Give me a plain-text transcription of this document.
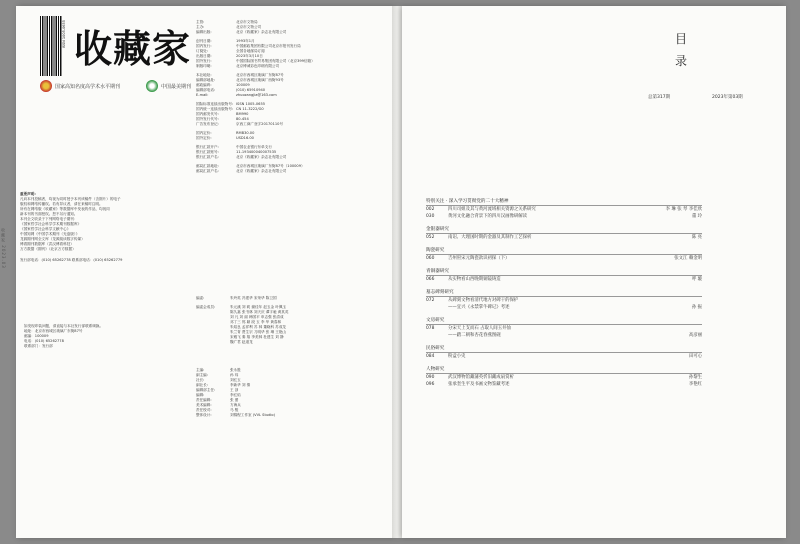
ISSN 1005-0655 收藏家
国家高知名度高学术水平期刊	中国最美期刊
收藏家 2023.03
主管:	北京市文物局
主办:	北京市文物公司
编辑出版:	北京《收藏家》杂志社有限公司
创刊日期:	1993年1月
国内发行:	中国邮政集团有限公司北京市报刊发行局
订阅处:	全国各地邮局订阅
出版日期:	2023年3月10日
国外发行:	中国国际图书贸易集团有限公司（北京399信箱）
制版印刷:	北京博诚彩色印刷有限公司
本社地址:	北京市西城区琉璃厂东街87号
编辑部地址:	北京市西城区琉璃厂西街93号
邮政编码:	100009
编辑部电话:	(010) 65910940
E-mail:	zhuozangjia@163.com
国际标准连续出版物号: ISSN 1005-0655
国内统一连续出版物号: CN 11-3222/G0
国内邮发代号:	BM990
国外发行代号:	80-454
广告发布登记:	京西工商广登字20170110号
国内定价:	RMB30.00
国外定价:	USD16.00
银行汇款开户:	中国农业银行东单支行
银行汇款账号:	11-193400040007535
银行汇款户名:	北京《收藏家》杂志社有限公司
邮局汇款地址:	北京市西城区琉璃厂东街87号（100009）
邮局汇款户名:	北京《收藏家》杂志社有限公司
重要声明:
凡向本刊投稿者，均视为同时授予本刊该稿件（含图片）的电子
版权和网络传播权。若有异议者，请在来稿时注明。
所有在网络版《收藏家》等数据库中发表的作品，均视同
新本刊的书面授权。恕不另行通知。
本刊全文收录于下列网络电子期刊：
《国家哲学社会科学学术期刊数据库》
《国家哲学社会科学文献中心》
中国知网《中国学术期刊（光盘版）》
龙源期刊网全文库（龙源阅读数字传媒）
博看期刊数据库（武汉博看科技）
万方数据《期刊》（北京万方数据）
发行部电话：(010) 65262778 联系部电话：(010) 65262779
如发现印装问题，请直接与本社发行部联系调换。
地址：北京市西城区琉璃厂东街87号
邮编：100009
电话：(010) 65262778
联系部门：发行部
编委:	朱玲英 冯建华 宋荣华 陈卫国
编委会成员:	朱元溪 刘 莉 谢佳年 赵玉金 叶佩玉
陈久嘉 张书林 刘天庆 谭宇驰 黄其英
刘 凡 刘 丽 韩国平 申志强 张清成
邓丁三 郭 颖 段 玉 李 华 黄春林
朱绍良 孟祥利 苏 林 董晓科 苏成龙
朱兰青 贾生宗 刀明华 张 琳 王艳山
宋雅飞 秦 翔 李美林 杜建生 刘 静
魏广君 赵道龙
主编:	张永胜
副主编:	孙 玮
社长:	刘红玉
副社长:	李新华 刘 倩
编辑部主任:	王 剑
编辑:	李红焰
责任编辑:	张 蕾
美术编辑:	方海兵
责任校对:	马 骏
整体设计:	刘锦程工作室 (VVL Studio)
目
录
总第317期	2023年第03期
特别关注 · 深入学习贯彻党的二十大精神
002	四川司姐及其与黄河流域相关资源之关系研究	李 琳 张 琴 李佳欣
030	黄河文化融合背景下的四川汉画像研解读	董 玲
金银器研究
052	南诏、大理国时期的金器及其制作工艺探析	陈 亮
陶瓷研究
060	吉州窑宋元陶瓷款识初探（下）	张文江 赖金明
青铜器研究
066	从实物看山西晚期铜镜铸造	呼 璇
墓志碑刻研究
072	从碑刻文物看清代地方对碑干的保护
——宜兴《永禁掌牛碑记》考述	孙 振
文房研究
078	分宋天上支而石 占取人间玉井仙
——踏二朝和杏花春燕图砚	高彦丽
民俗研究
084	粉盒小史	田可心
人物研究
090	武汉博物馆藏蒲英忻旧藏成扇赏析	孙黎生
096	张承奎生平及书画文物鉴藏考述	李艳红
